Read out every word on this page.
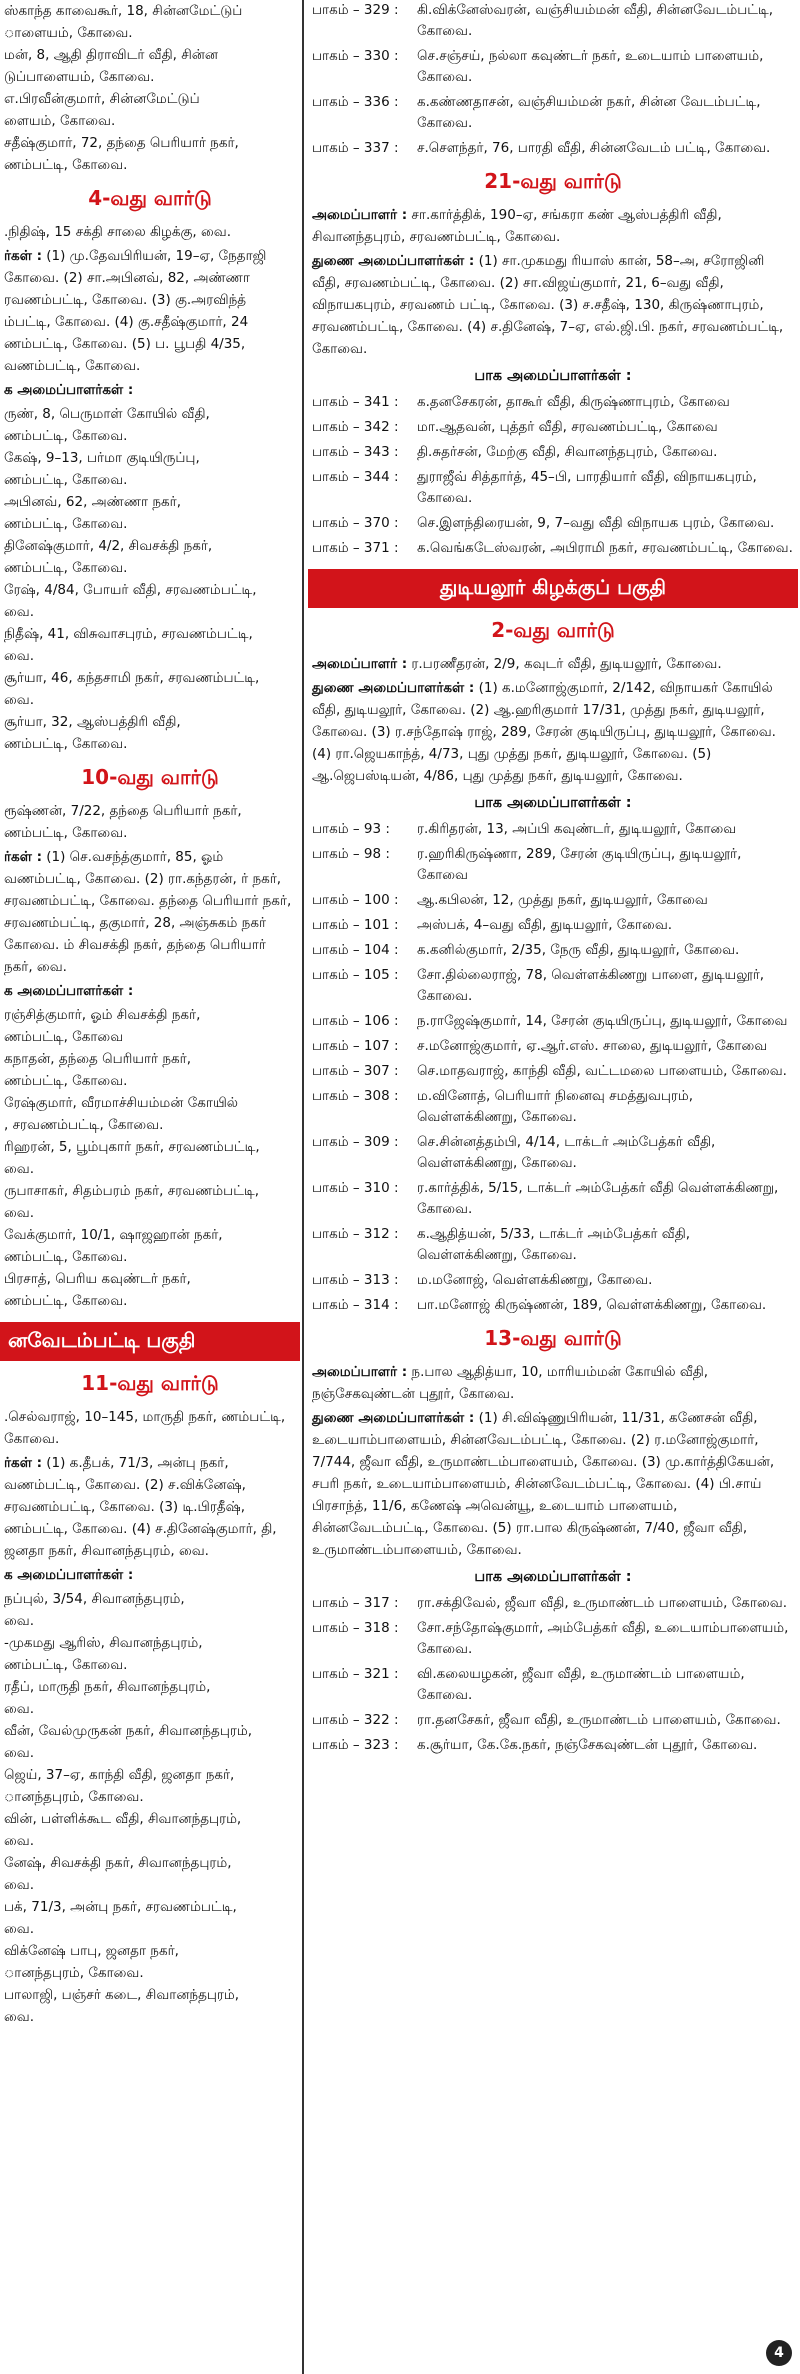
ஸ்காந்த காவைகூர், 18, சின்னமேட்டுப்
ாளையம், கோவை.
மன், 8, ஆதி திராவிடர் வீதி, சின்ன
டுப்பாளையம், கோவை.
எ.பிரவீன்குமார், சின்னமேட்டுப்
ளையம், கோவை.
சதீஷ்குமார், 72, தந்தை பெரியார் நகர்,
ணம்பட்டி, கோவை.
4-வது வார்டு
.நிதிஷ், 15 சக்தி சாலை கிழக்கு, வை.
ர்கள் : (1) மு.தேவபிரியன், 19–ஏ, நேதாஜி கோவை. (2) சா.அபினவ், 82, அண்ணா ரவணம்பட்டி, கோவை. (3) கு.அரவிந்த் ம்பட்டி, கோவை. (4) கு.சதீஷ்குமார், 24 ணம்பட்டி, கோவை. (5) ப. பூபதி 4/35, வணம்பட்டி, கோவை.
க அமைப்பாளர்கள் :
ருண், 8, பெருமாள் கோயில் வீதி,
ணம்பட்டி, கோவை.
கேஷ், 9–13, பர்மா குடியிருப்பு,
ணம்பட்டி, கோவை.
அபினவ், 62, அண்ணா நகர்,
ணம்பட்டி, கோவை.
தினேஷ்குமார், 4/2, சிவசக்தி நகர்,
ணம்பட்டி, கோவை.
ரேஷ், 4/84, போயர் வீதி, சரவணம்பட்டி,
வை.
நிதீஷ், 41, விசுவாசபுரம், சரவணம்பட்டி,
வை.
சூர்யா, 46, கந்தசாமி நகர், சரவணம்பட்டி,
வை.
சூர்யா, 32, ஆஸ்பத்திரி வீதி,
ணம்பட்டி, கோவை.
10-வது வார்டு
ரூஷ்ணன், 7/22, தந்தை பெரியார் நகர், ணம்பட்டி, கோவை.
ர்கள் : (1) செ.வசந்த்குமார், 85, ஓம் வணம்பட்டி, கோவை. (2) ரா.கந்தரன், ர் நகர், சரவணம்பட்டி, கோவை. தந்தை பெரியார் நகர், சரவணம்பட்டி, தகுமார், 28, அஞ்சுகம் நகர் கோவை. ம் சிவசக்தி நகர், தந்தை பெரியார் நகர், வை.
க அமைப்பாளர்கள் :
ரஞ்சித்குமார், ஓம் சிவசக்தி நகர்,
ணம்பட்டி, கோவை
கநாதன், தந்தை பெரியார் நகர்,
ணம்பட்டி, கோவை.
ரேஷ்குமார், வீரமாச்சியம்மன் கோயில்
, சரவணம்பட்டி, கோவை.
ரிஹரன், 5, பூம்புகார் நகர், சரவணம்பட்டி,
வை.
ருபாசாகர், சிதம்பரம் நகர், சரவணம்பட்டி,
வை.
வேக்குமார், 10/1, ஷாஜஹான் நகர்,
ணம்பட்டி, கோவை.
பிரசாத், பெரிய கவுண்டர் நகர்,
ணம்பட்டி, கோவை.
னவேடம்பட்டி பகுதி
11-வது வார்டு
.செல்வராஜ், 10–145, மாருதி நகர், ணம்பட்டி, கோவை.
ர்கள் : (1) க.தீபக், 71/3, அன்பு நகர், வணம்பட்டி, கோவை. (2) ச.விக்னேஷ், சரவணம்பட்டி, கோவை. (3) டி.பிரதீஷ், ணம்பட்டி, கோவை. (4) ச.தினேஷ்குமார், தி, ஜனதா நகர், சிவானந்தபுரம், வை.
க அமைப்பாளர்கள் :
நப்புல், 3/54, சிவானந்தபுரம்,
வை.
-முகமது ஆரிஸ், சிவானந்தபுரம்,
ணம்பட்டி, கோவை.
ரதீப், மாருதி நகர், சிவானந்தபுரம்,
வை.
வீன், வேல்முருகன் நகர், சிவானந்தபுரம்,
வை.
ஜெய், 37–ஏ, காந்தி வீதி, ஜனதா நகர்,
ானந்தபுரம், கோவை.
வின், பள்ளிக்கூட வீதி, சிவானந்தபுரம்,
வை.
னேஷ், சிவசக்தி நகர், சிவானந்தபுரம்,
வை.
பக், 71/3, அன்பு நகர், சரவணம்பட்டி,
வை.
விக்னேஷ் பாபு, ஜனதா நகர்,
ானந்தபுரம், கோவை.
பாலாஜி, பஞ்சர் கடை, சிவானந்தபுரம்,
வை.
பாகம் – 329 :	கி.விக்னேஸ்வரன், வஞ்சியம்மன் வீதி, சின்னவேடம்பட்டி, கோவை.
பாகம் – 330 :	செ.சஞ்சய், நல்லா கவுண்டர் நகர், உடையாம் பாளையம், கோவை.
பாகம் – 336 :	க.கண்ணதாசன், வஞ்சியம்மன் நகர், சின்ன வேடம்பட்டி, கோவை.
பாகம் – 337 :	ச.சௌந்தர், 76, பாரதி வீதி, சின்னவேடம் பட்டி, கோவை.
21-வது வார்டு
அமைப்பாளர் : சா.கார்த்திக், 190–ஏ, சங்கரா கண் ஆஸ்பத்திரி வீதி, சிவானந்தபுரம், சரவணம்பட்டி, கோவை.
துணை அமைப்பாளர்கள் : (1) சா.முகமது ரியாஸ் கான், 58–அ, சரோஜினி வீதி, சரவணம்பட்டி, கோவை. (2) சா.விஜய்குமார், 21, 6–வது வீதி, விநாயகபுரம், சரவணம் பட்டி, கோவை. (3) ச.சதீஷ், 130, கிருஷ்ணாபுரம், சரவணம்பட்டி, கோவை. (4) ச.தினேஷ், 7–ஏ, எல்.ஜி.பி. நகர், சரவணம்பட்டி, கோவை.
பாக அமைப்பாளர்கள் :
பாகம் – 341 :	க.தனசேகரன், தாகூர் வீதி, கிருஷ்ணாபுரம், கோவை
பாகம் – 342 :	மா.ஆதவன், புத்தர் வீதி, சரவணம்பட்டி, கோவை
பாகம் – 343 :	தி.சுதர்சன், மேற்கு வீதி, சிவானந்தபுரம், கோவை.
பாகம் – 344 :	துராஜீவ் சித்தார்த், 45–பி, பாரதியார் வீதி, விநாயகபுரம், கோவை.
பாகம் – 370 :	செ.இளந்திரையன், 9, 7–வது வீதி விநாயக புரம், கோவை.
பாகம் – 371 :	க.வெங்கடேஸ்வரன், அபிராமி நகர், சரவணம்பட்டி, கோவை.
துடியலூர் கிழக்குப் பகுதி
2-வது வார்டு
அமைப்பாளர் : ர.பரணீதரன், 2/9, கவுடர் வீதி, துடியலூர், கோவை.
துணை அமைப்பாளர்கள் : (1) க.மனோஜ்குமார், 2/142, விநாயகர் கோயில் வீதி, துடியலூர், கோவை. (2) ஆ.ஹரிகுமார் 17/31, முத்து நகர், துடியலூர், கோவை. (3) ர.சந்தோஷ் ராஜ், 289, சேரன் குடியிருப்பு, துடியலூர், கோவை. (4) ரா.ஜெயகாந்த், 4/73, புது முத்து நகர், துடியலூர், கோவை. (5) ஆ.ஜெபஸ்டியன், 4/86, புது முத்து நகர், துடியலூர், கோவை.
பாக அமைப்பாளர்கள் :
பாகம் – 93 :	ர.கிரிதரன், 13, அப்பி கவுண்டர், துடியலூர், கோவை
பாகம் – 98 :	ர.ஹரிகிருஷ்ணா, 289, சேரன் குடியிருப்பு, துடியலூர், கோவை
பாகம் – 100 :	ஆ.கபிலன், 12, முத்து நகர், துடியலூர், கோவை
பாகம் – 101 :	அஸ்பக், 4–வது வீதி, துடியலூர், கோவை.
பாகம் – 104 :	க.கனில்குமார், 2/35, நேரு வீதி, துடியலூர், கோவை.
பாகம் – 105 :	சோ.தில்லைராஜ், 78, வெள்ளக்கிணறு பாளை, துடியலூர், கோவை.
பாகம் – 106 :	ந.ராஜேஷ்குமார், 14, சேரன் குடியிருப்பு, துடியலூர், கோவை
பாகம் – 107 :	ச.மனோஜ்குமார், ஏ.ஆர்.எஸ். சாலை, துடியலூர், கோவை
பாகம் – 307 :	செ.மாதவராஜ், காந்தி வீதி, வட்டமலை பாளையம், கோவை.
பாகம் – 308 :	ம.வினோத், பெரியார் நினைவு சமத்துவபுரம், வெள்ளக்கிணறு, கோவை.
பாகம் – 309 :	செ.சின்னத்தம்பி, 4/14, டாக்டர் அம்பேத்கர் வீதி, வெள்ளக்கிணறு, கோவை.
பாகம் – 310 :	ர.கார்த்திக், 5/15, டாக்டர் அம்பேத்கர் வீதி வெள்ளக்கிணறு, கோவை.
பாகம் – 312 :	க.ஆதித்யன், 5/33, டாக்டர் அம்பேத்கர் வீதி, வெள்ளக்கிணறு, கோவை.
பாகம் – 313 :	ம.மனோஜ், வெள்ளக்கிணறு, கோவை.
பாகம் – 314 :	பா.மனோஜ் கிருஷ்ணன், 189, வெள்ளக்கிணறு, கோவை.
13-வது வார்டு
அமைப்பாளர் : ந.பால ஆதித்யா, 10, மாரியம்மன் கோயில் வீதி, நஞ்சேகவுண்டன் புதூர், கோவை.
துணை அமைப்பாளர்கள் : (1) சி.விஷ்ணுபிரியன், 11/31, கணேசன் வீதி, உடையாம்பாளையம், சின்னவேடம்பட்டி, கோவை. (2) ர.மனோஜ்குமார், 7/744, ஜீவா வீதி, உருமாண்டம்பாளையம், கோவை. (3) மு.கார்த்திகேயன், சபரி நகர், உடையாம்பாளையம், சின்னவேடம்பட்டி, கோவை. (4) பி.சாய் பிரசாந்த், 11/6, கணேஷ் அவென்யூ, உடையாம் பாளையம், சின்னவேடம்பட்டி, கோவை. (5) ரா.பால கிருஷ்ணன், 7/40, ஜீவா வீதி, உருமாண்டம்பாளையம், கோவை.
பாக அமைப்பாளர்கள் :
பாகம் – 317 :	ரா.சக்திவேல், ஜீவா வீதி, உருமாண்டம் பாளையம், கோவை.
பாகம் – 318 :	சோ.சந்தோஷ்குமார், அம்பேத்கர் வீதி, உடையாம்பாளையம், கோவை.
பாகம் – 321 :	வி.கலையழகன், ஜீவா வீதி, உருமாண்டம் பாளையம், கோவை.
பாகம் – 322 :	ரா.தனசேகர், ஜீவா வீதி, உருமாண்டம் பாளையம், கோவை.
பாகம் – 323 :	க.சூர்யா, கே.கே.நகர், நஞ்சேகவுண்டன் புதூர், கோவை.
4
